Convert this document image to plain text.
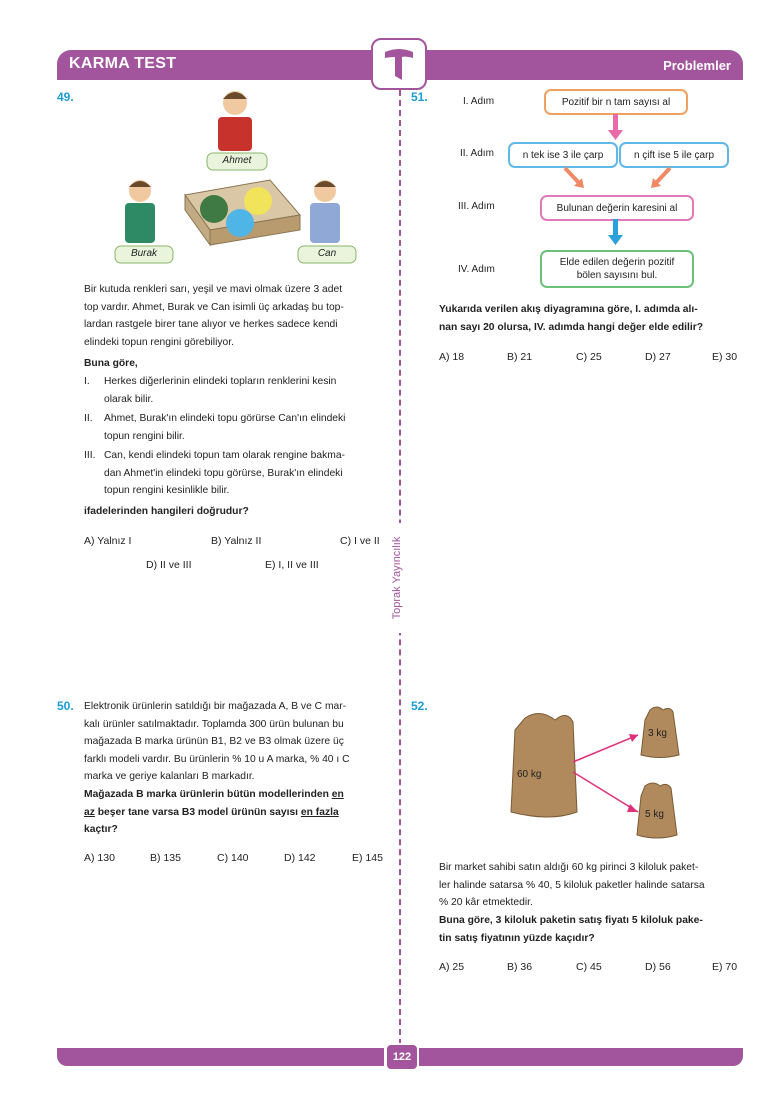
KARMA TEST	Problemler
Toprak Yayıncılık
49.
Ahmet
Burak	Can
Bir kutuda renkleri sarı, yeşil ve mavi olmak üzere 3 adet
top vardır. Ahmet, Burak ve Can isimli üç arkadaş bu top-
lardan rastgele birer tane alıyor ve herkes sadece kendi
elindeki topun rengini görebiliyor.
Buna göre,
I.	Herkes diğerlerinin elindeki topların renklerini kesin
olarak bilir.
II.	Ahmet, Burak'ın elindeki topu görürse Can'ın elindeki
topun rengini bilir.
III. Can, kendi elindeki topun tam olarak rengine bakma-
dan Ahmet'in elindeki topu görürse, Burak'ın elindeki
topun rengini kesinlikle bilir.
ifadelerinden hangileri doğrudur?
A) Yalnız I	B) Yalnız II	C) I ve II
D) II ve III	E) I, II ve III
50. Elektronik ürünlerin satıldığı bir mağazada A, B ve C mar-
kalı ürünler satılmaktadır. Toplamda 300 ürün bulunan bu
mağazada B marka ürünün B1, B2 ve B3 olmak üzere üç
farklı modeli vardır. Bu ürünlerin % 10 u A marka, % 40 ı C
marka ve geriye kalanları B markadır.
Mağazada B marka ürünlerin bütün modellerinden en
az beşer tane varsa B3 model ürünün sayısı en fazla
kaçtır?
A) 130	B) 135	C) 140	D) 142	E) 145
51.	I. Adım
II. Adım
III. Adım
IV. Adım
Pozitif bir n tam sayısı al
n tek ise 3 ile çarp	n çift ise 5 ile çarp
Bulunan değerin karesini al
Elde edilen değerin pozitif
bölen sayısını bul.
Yukarıda verilen akış diyagramına göre, I. adımda alı-
nan sayı 20 olursa, IV. adımda hangi değer elde edilir?
A) 18	B) 21	C) 25	D) 27	E) 30
52.
60 kg
3 kg
5 kg
Bir market sahibi satın aldığı 60 kg pirinci 3 kiloluk paket-
ler halinde satarsa % 40, 5 kiloluk paketler halinde satarsa
% 20 kâr etmektedir.
Buna göre, 3 kiloluk paketin satış fiyatı 5 kiloluk pake-
tin satış fiyatının yüzde kaçıdır?
A) 25	B) 36	C) 45	D) 56	E) 70
122
